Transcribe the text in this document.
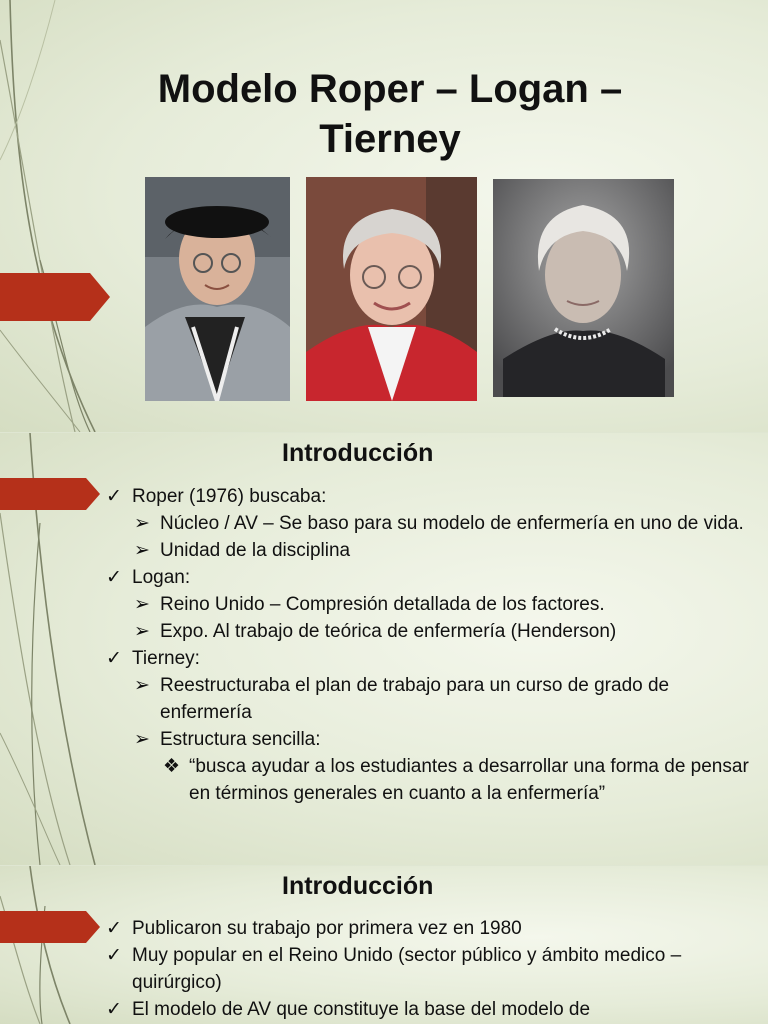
Modelo Roper – Logan – Tierney
Introducción
✓ Roper (1976) buscaba:
➢ Núcleo / AV – Se baso para su modelo de enfermería en uno de vida.
➢ Unidad de la disciplina
✓ Logan:
➢ Reino Unido – Compresión detallada de los factores.
➢ Expo. Al trabajo de teórica de enfermería (Henderson)
✓ Tierney:
➢ Reestructuraba el plan de trabajo para un curso de grado de enfermería
➢ Estructura sencilla:
❖ “busca ayudar a los estudiantes a desarrollar una forma de pensar en términos generales en cuanto a la enfermería”
Introducción
✓ Publicaron su trabajo por primera vez en 1980
✓ Muy popular en el Reino Unido (sector público y ámbito medico – quirúrgico)
✓ El modelo de AV que constituye la base del modelo de
